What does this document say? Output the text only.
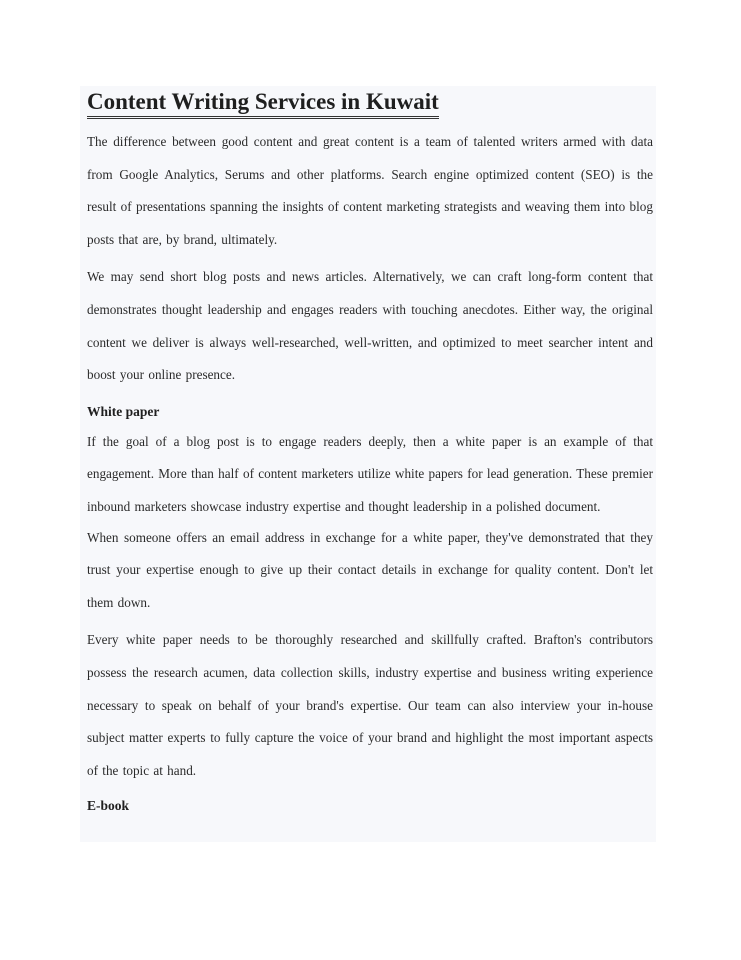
Content Writing Services in Kuwait

The difference between good content and great content is a team of talented writers armed with data from Google Analytics, Serums and other platforms. Search engine optimized content (SEO) is the result of presentations spanning the insights of content marketing strategists and weaving them into blog posts that are, by brand, ultimately.

We may send short blog posts and news articles. Alternatively, we can craft long-form content that demonstrates thought leadership and engages readers with touching anecdotes. Either way, the original content we deliver is always well-researched, well-written, and optimized to meet searcher intent and boost your online presence.

White paper

If the goal of a blog post is to engage readers deeply, then a white paper is an example of that engagement. More than half of content marketers utilize white papers for lead generation. These premier inbound marketers showcase industry expertise and thought leadership in a polished document.

When someone offers an email address in exchange for a white paper, they've demonstrated that they trust your expertise enough to give up their contact details in exchange for quality content. Don't let them down.

Every white paper needs to be thoroughly researched and skillfully crafted. Brafton's contributors possess the research acumen, data collection skills, industry expertise and business writing experience necessary to speak on behalf of your brand's expertise. Our team can also interview your in-house subject matter experts to fully capture the voice of your brand and highlight the most important aspects of the topic at hand.

E-book
